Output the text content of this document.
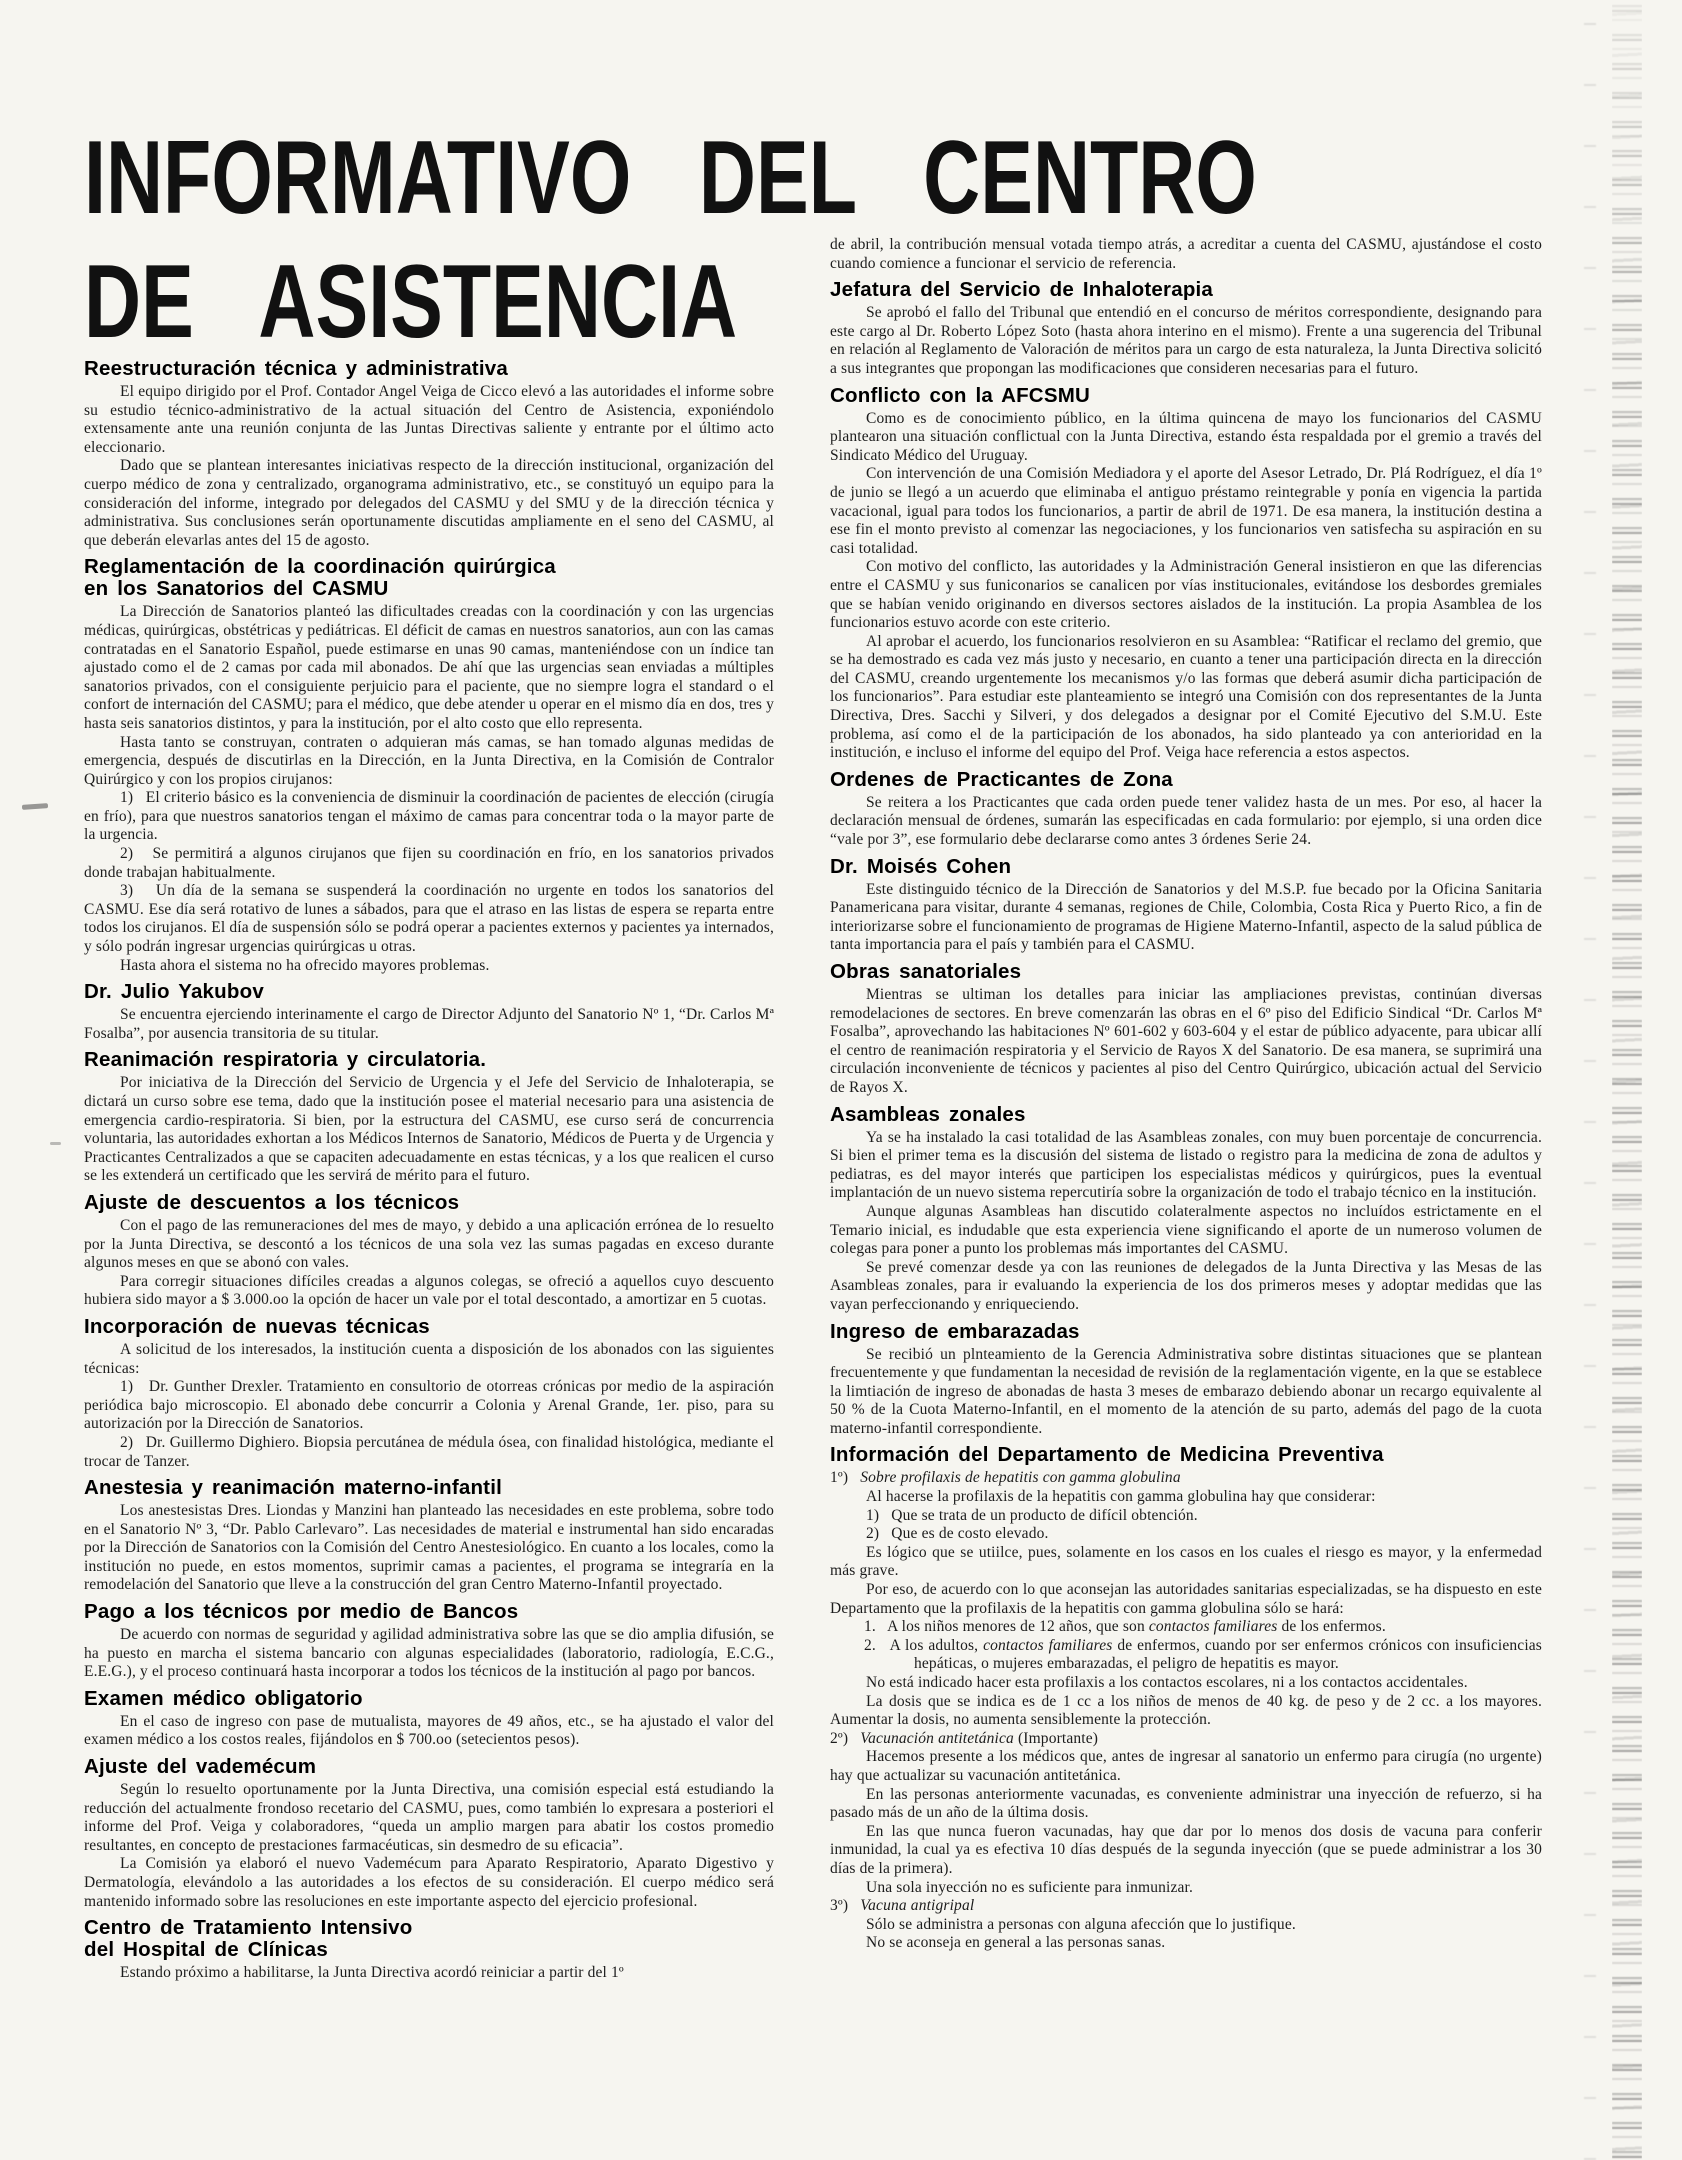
INFORMATIVO DEL CENTRO
DE ASISTENCIA
Reestructuración técnica y administrativa

El equipo dirigido por el Prof. Contador Angel Veiga de Cicco elevó a las autoridades el informe sobre su estudio técnico-administrativo de la actual situación del Centro de Asistencia, exponiéndolo extensamente ante una reunión conjunta de las Juntas Directivas saliente y entrante por el último acto eleccionario.

Dado que se plantean interesantes iniciativas respecto de la dirección institucional, organización del cuerpo médico de zona y centralizado, organograma administrativo, etc., se constituyó un equipo para la consideración del informe, integrado por delegados del CASMU y del SMU y de la dirección técnica y administrativa. Sus conclusiones serán oportunamente discutidas ampliamente en el seno del CASMU, al que deberán elevarlas antes del 15 de agosto.

Reglamentación de la coordinación quirúrgica
en los Sanatorios del CASMU

La Dirección de Sanatorios planteó las dificultades creadas con la coordinación y con las urgencias médicas, quirúrgicas, obstétricas y pediátricas. El déficit de camas en nuestros sanatorios, aun con las camas contratadas en el Sanatorio Español, puede estimarse en unas 90 camas, manteniéndose con un índice tan ajustado como el de 2 camas por cada mil abonados. De ahí que las urgencias sean enviadas a múltiples sanatorios privados, con el consiguiente perjuicio para el paciente, que no siempre logra el standard o el confort de internación del CASMU; para el médico, que debe atender u operar en el mismo día en dos, tres y hasta seis sanatorios distintos, y para la institución, por el alto costo que ello representa.

Hasta tanto se construyan, contraten o adquieran más camas, se han tomado algunas medidas de emergencia, después de discutirlas en la Dirección, en la Junta Directiva, en la Comisión de Contralor Quirúrgico y con los propios cirujanos:

1)   El criterio básico es la conveniencia de disminuir la coordinación de pacientes de elección (cirugía en frío), para que nuestros sanatorios tengan el máximo de camas para concentrar toda o la mayor parte de la urgencia.

2)   Se permitirá a algunos cirujanos que fijen su coordinación en frío, en los sanatorios privados donde trabajan habitualmente.

3)   Un día de la semana se suspenderá la coordinación no urgente en todos los sanatorios del CASMU. Ese día será rotativo de lunes a sábados, para que el atraso en las listas de espera se reparta entre todos los cirujanos. El día de suspensión sólo se podrá operar a pacientes externos y pacientes ya internados, y sólo podrán ingresar urgencias quirúrgicas u otras.

Hasta ahora el sistema no ha ofrecido mayores problemas.

Dr. Julio Yakubov

Se encuentra ejerciendo interinamente el cargo de Director Adjunto del Sanatorio Nº 1, “Dr. Carlos Mª Fosalba”, por ausencia transitoria de su titular.

Reanimación respiratoria y circulatoria.

Por iniciativa de la Dirección del Servicio de Urgencia y el Jefe del Servicio de Inhaloterapia, se dictará un curso sobre ese tema, dado que la institución posee el material necesario para una asistencia de emergencia cardio-respiratoria. Si bien, por la estructura del CASMU, ese curso será de concurrencia voluntaria, las autoridades exhortan a los Médicos Internos de Sanatorio, Médicos de Puerta y de Urgencia y Practicantes Centralizados a que se capaciten adecuadamente en estas técnicas, y a los que realicen el curso se les extenderá un certificado que les servirá de mérito para el futuro.

Ajuste de descuentos a los técnicos

Con el pago de las remuneraciones del mes de mayo, y debido a una aplicación errónea de lo resuelto por la Junta Directiva, se descontó a los técnicos de una sola vez las sumas pagadas en exceso durante algunos meses en que se abonó con vales.

Para corregir situaciones difíciles creadas a algunos colegas, se ofreció a aquellos cuyo descuento hubiera sido mayor a $ 3.000.oo la opción de hacer un vale por el total descontado, a amortizar en 5 cuotas.

Incorporación de nuevas técnicas

A solicitud de los interesados, la institución cuenta a disposición de los abonados con las siguientes técnicas:

1)   Dr. Gunther Drexler. Tratamiento en consultorio de otorreas crónicas por medio de la aspiración periódica bajo microscopio. El abonado debe concurrir a Colonia y Arenal Grande, 1er. piso, para su autorización por la Dirección de Sanatorios.

2)   Dr. Guillermo Dighiero. Biopsia percutánea de médula ósea, con finalidad histológica, mediante el trocar de Tanzer.

Anestesia y reanimación materno-infantil

Los anestesistas Dres. Liondas y Manzini han planteado las necesidades en este problema, sobre todo en el Sanatorio Nº 3, “Dr. Pablo Carlevaro”. Las necesidades de material e instrumental han sido encaradas por la Dirección de Sanatorios con la Comisión del Centro Anestesiológico. En cuanto a los locales, como la institución no puede, en estos momentos, suprimir camas a pacientes, el programa se integraría en la remodelación del Sanatorio que lleve a la construcción del gran Centro Materno-Infantil proyectado.

Pago a los técnicos por medio de Bancos

De acuerdo con normas de seguridad y agilidad administrativa sobre las que se dio amplia difusión, se ha puesto en marcha el sistema bancario con algunas especialidades (laboratorio, radiología, E.C.G., E.E.G.), y el proceso continuará hasta incorporar a todos los técnicos de la institución al pago por bancos.

Examen médico obligatorio

En el caso de ingreso con pase de mutualista, mayores de 49 años, etc., se ha ajustado el valor del examen médico a los costos reales, fijándolos en $ 700.oo (setecientos pesos).

Ajuste del vademécum

Según lo resuelto oportunamente por la Junta Directiva, una comisión especial está estudiando la reducción del actualmente frondoso recetario del CASMU, pues, como también lo expresara a posteriori el informe del Prof. Veiga y colaboradores, “queda un amplio margen para abatir los costos promedio resultantes, en concepto de prestaciones farmacéuticas, sin desmedro de su eficacia”.

La Comisión ya elaboró el nuevo Vademécum para Aparato Respiratorio, Aparato Digestivo y Dermatología, elevándolo a las autoridades a los efectos de su consideración. El cuerpo médico será mantenido informado sobre las resoluciones en este importante aspecto del ejercicio profesional.

Centro de Tratamiento Intensivo
del Hospital de Clínicas

Estando próximo a habilitarse, la Junta Directiva acordó reiniciar a partir del 1º

de abril, la contribución mensual votada tiempo atrás, a acreditar a cuenta del CASMU, ajustándose el costo cuando comience a funcionar el servicio de referencia.

Jefatura del Servicio de Inhaloterapia

Se aprobó el fallo del Tribunal que entendió en el concurso de méritos correspondiente, designando para este cargo al Dr. Roberto López Soto (hasta ahora interino en el mismo). Frente a una sugerencia del Tribunal en relación al Reglamento de Valoración de méritos para un cargo de esta naturaleza, la Junta Directiva solicitó a sus integrantes que propongan las modificaciones que consideren necesarias para el futuro.

Conflicto con la AFCSMU

Como es de conocimiento público, en la última quincena de mayo los funcionarios del CASMU plantearon una situación conflictual con la Junta Directiva, estando ésta respaldada por el gremio a través del Sindicato Médico del Uruguay.

Con intervención de una Comisión Mediadora y el aporte del Asesor Letrado, Dr. Plá Rodríguez, el día 1º de junio se llegó a un acuerdo que eliminaba el antiguo préstamo reintegrable y ponía en vigencia la partida vacacional, igual para todos los funcionarios, a partir de abril de 1971. De esa manera, la institución destina a ese fin el monto previsto al comenzar las negociaciones, y los funcionarios ven satisfecha su aspiración en su casi totalidad.

Con motivo del conflicto, las autoridades y la Administración General insistieron en que las diferencias entre el CASMU y sus funiconarios se canalicen por vías institucionales, evitándose los desbordes gremiales que se habían venido originando en diversos sectores aislados de la institución. La propia Asamblea de los funcionarios estuvo acorde con este criterio.

Al aprobar el acuerdo, los funcionarios resolvieron en su Asamblea: “Ratificar el reclamo del gremio, que se ha demostrado es cada vez más justo y necesario, en cuanto a tener una participación directa en la dirección del CASMU, creando urgentemente los mecanismos y/o las formas que deberá asumir dicha participación de los funcionarios”. Para estudiar este planteamiento se integró una Comisión con dos representantes de la Junta Directiva, Dres. Sacchi y Silveri, y dos delegados a designar por el Comité Ejecutivo del S.M.U. Este problema, así como el de la participación de los abonados, ha sido planteado ya con anterioridad en la institución, e incluso el informe del equipo del Prof. Veiga hace referencia a estos aspectos.

Ordenes de Practicantes de Zona

Se reitera a los Practicantes que cada orden puede tener validez hasta de un mes. Por eso, al hacer la declaración mensual de órdenes, sumarán las especificadas en cada formulario: por ejemplo, si una orden dice “vale por 3”, ese formulario debe declararse como antes 3 órdenes Serie 24.

Dr. Moisés Cohen

Este distinguido técnico de la Dirección de Sanatorios y del M.S.P. fue becado por la Oficina Sanitaria Panamericana para visitar, durante 4 semanas, regiones de Chile, Colombia, Costa Rica y Puerto Rico, a fin de interiorizarse sobre el funcionamiento de programas de Higiene Materno-Infantil, aspecto de la salud pública de tanta importancia para el país y también para el CASMU.

Obras sanatoriales

Mientras se ultiman los detalles para iniciar las ampliaciones previstas, continúan diversas remodelaciones de sectores. En breve comenzarán las obras en el 6º piso del Edificio Sindical “Dr. Carlos Mª Fosalba”, aprovechando las habitaciones Nº 601-602 y 603-604 y el estar de público adyacente, para ubicar allí el centro de reanimación respiratoria y el Servicio de Rayos X del Sanatorio. De esa manera, se suprimirá una circulación inconveniente de técnicos y pacientes al piso del Centro Quirúrgico, ubicación actual del Servicio de Rayos X.

Asambleas zonales

Ya se ha instalado la casi totalidad de las Asambleas zonales, con muy buen porcentaje de concurrencia. Si bien el primer tema es la discusión del sistema de listado o registro para la medicina de zona de adultos y pediatras, es del mayor interés que participen los especialistas médicos y quirúrgicos, pues la eventual implantación de un nuevo sistema repercutiría sobre la organización de todo el trabajo técnico en la institución.

Aunque algunas Asambleas han discutido colateralmente aspectos no incluídos estrictamente en el Temario inicial, es indudable que esta experiencia viene significando el aporte de un numeroso volumen de colegas para poner a punto los problemas más importantes del CASMU.

Se prevé comenzar desde ya con las reuniones de delegados de la Junta Directiva y las Mesas de las Asambleas zonales, para ir evaluando la experiencia de los dos primeros meses y adoptar medidas que las vayan perfeccionando y enriqueciendo.

Ingreso de embarazadas

Se recibió un plnteamiento de la Gerencia Administrativa sobre distintas situaciones que se plantean frecuentemente y que fundamentan la necesidad de revisión de la reglamentación vigente, en la que se establece la limtiación de ingreso de abonadas de hasta 3 meses de embarazo debiendo abonar un recargo equivalente al 50 % de la Cuota Materno-Infantil, en el momento de la atención de su parto, además del pago de la cuota materno-infantil correspondiente.

Información del Departamento de Medicina Preventiva

1º)   Sobre profilaxis de hepatitis con gamma globulina

Al hacerse la profilaxis de la hepatitis con gamma globulina hay que considerar:

1)   Que se trata de un producto de difícil obtención.

2)   Que es de costo elevado.

Es lógico que se utiilce, pues, solamente en los casos en los cuales el riesgo es mayor, y la enfermedad más grave.

Por eso, de acuerdo con lo que aconsejan las autoridades sanitarias especializadas, se ha dispuesto en este Departamento que la profilaxis de la hepatitis con gamma globulina sólo se hará:

1.   A los niños menores de 12 años, que son contactos familiares de los enfermos.

2.   A los adultos, contactos familiares de enfermos, cuando por ser enfermos crónicos con insuficiencias hepáticas, o mujeres embarazadas, el peligro de hepatitis es mayor.

No está indicado hacer esta profilaxis a los contactos escolares, ni a los contactos accidentales.

La dosis que se indica es de 1 cc a los niños de menos de 40 kg. de peso y de 2 cc. a los mayores. Aumentar la dosis, no aumenta sensiblemente la protección.

2º)   Vacunación antitetánica (Importante)

Hacemos presente a los médicos que, antes de ingresar al sanatorio un enfermo para cirugía (no urgente) hay que actualizar su vacunación antitetánica.

En las personas anteriormente vacunadas, es conveniente administrar una inyección de refuerzo, si ha pasado más de un año de la última dosis.

En las que nunca fueron vacunadas, hay que dar por lo menos dos dosis de vacuna para conferir inmunidad, la cual ya es efectiva 10 días después de la segunda inyección (que se puede administrar a los 30 días de la primera).

Una sola inyección no es suficiente para inmunizar.

3º)   Vacuna antigripal

Sólo se administra a personas con alguna afección que lo justifique.

No se aconseja en general a las personas sanas.
